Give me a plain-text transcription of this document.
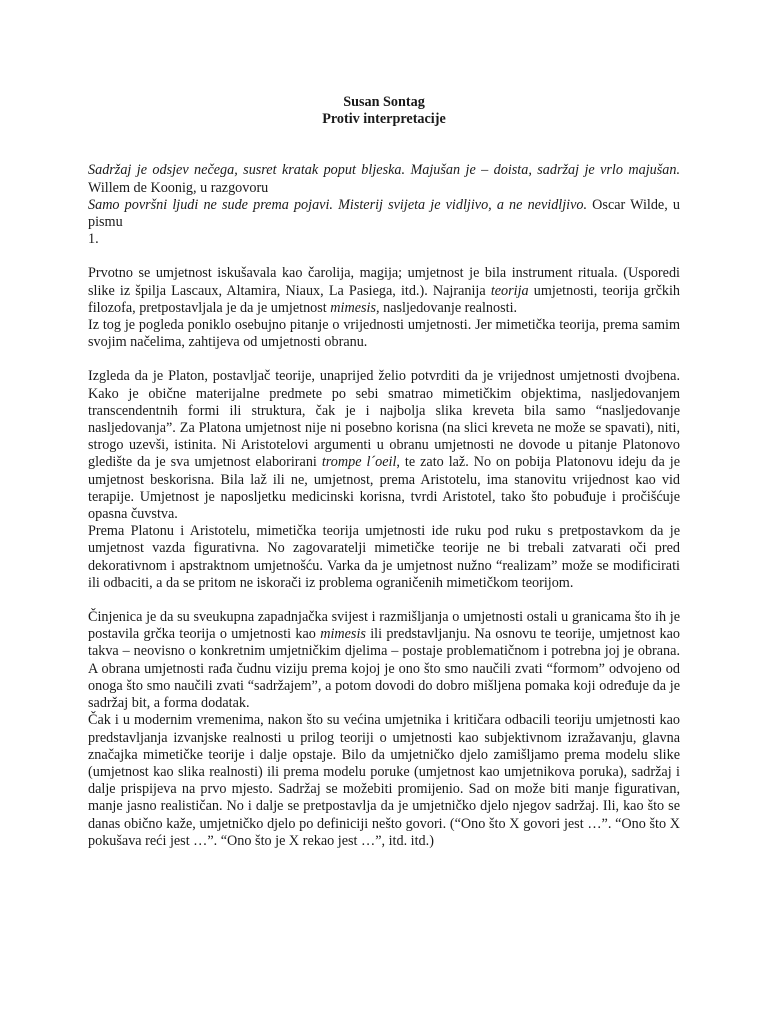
Susan Sontag
Protiv interpretacije
Sadržaj je odsjev nečega, susret kratak poput bljeska. Majušan je – doista, sadržaj je vrlo majušan. Willem de Koonig, u razgovoru
Samo površni ljudi ne sude prema pojavi. Misterij svijeta je vidljivo, a ne nevidljivo. Oscar Wilde, u pismu
1.

Prvotno se umjetnost iskušavala kao čarolija, magija; umjetnost je bila instrument rituala. (Usporedi slike iz špilja Lascaux, Altamira, Niaux, La Pasiega, itd.). Najranija teorija umjetnosti, teorija grčkih filozofa, pretpostavljala je da je umjetnost mimesis, nasljedovanje realnosti.

Iz tog je pogleda poniklo osebujno pitanje o vrijednosti umjetnosti. Jer mimetička teorija, prema samim svojim načelima, zahtijeva od umjetnosti obranu.

Izgleda da je Platon, postavljač teorije, unaprijed želio potvrditi da je vrijednost umjetnosti dvojbena. Kako je obične materijalne predmete po sebi smatrao mimetičkim objektima, nasljedovanjem transcendentnih formi ili struktura, čak je i najbolja slika kreveta bila samo “nasljedovanje nasljedovanja”. Za Platona umjetnost nije ni posebno korisna (na slici kreveta ne može se spavati), niti, strogo uzevši, istinita. Ni Aristotelovi argumenti u obranu umjetnosti ne dovode u pitanje Platonovo gledište da je sva umjetnost elaborirani trompe l´oeil, te zato laž. No on pobija Platonovu ideju da je umjetnost beskorisna. Bila laž ili ne, umjetnost, prema Aristotelu, ima stanovitu vrijednost kao vid terapije. Umjetnost je naposljetku medicinski korisna, tvrdi Aristotel, tako što pobuđuje i pročišćuje opasna čuvstva.

Prema Platonu i Aristotelu, mimetička teorija umjetnosti ide ruku pod ruku s pretpostavkom da je umjetnost vazda figurativna. No zagovaratelji mimetičke teorije ne bi trebali zatvarati oči pred dekorativnom i apstraktnom umjetnošću. Varka da je umjetnost nužno “realizam” može se modificirati ili odbaciti, a da se pritom ne iskorači iz problema ograničenih mimetičkom teorijom.

Činjenica je da su sveukupna zapadnjačka svijest i razmišljanja o umjetnosti ostali u granicama što ih je postavila grčka teorija o umjetnosti kao mimesis ili predstavljanju. Na osnovu te teorije, umjetnost kao takva – neovisno o konkretnim umjetničkim djelima – postaje problematičnom i potrebna joj je obrana. A obrana umjetnosti rađa čudnu viziju prema kojoj je ono što smo naučili zvati “formom” odvojeno od onoga što smo naučili zvati “sadržajem”, a potom dovodi do dobro mišljena pomaka koji određuje da je sadržaj bit, a forma dodatak.

Čak i u modernim vremenima, nakon što su većina umjetnika i kritičara odbacili teoriju umjetnosti kao predstavljanja izvanjske realnosti u prilog teoriji o umjetnosti kao subjektivnom izražavanju, glavna značajka mimetičke teorije i dalje opstaje. Bilo da umjetničko djelo zamišljamo prema modelu slike (umjetnost kao slika realnosti) ili prema modelu poruke (umjetnost kao umjetnikova poruka), sadržaj i dalje prispijeva na prvo mjesto. Sadržaj se možebiti promijenio. Sad on može biti manje figurativan, manje jasno realističan. No i dalje se pretpostavlja da je umjetničko djelo njegov sadržaj. Ili, kao što se danas obično kaže, umjetničko djelo po definiciji nešto govori. (“Ono što X govori jest …”. “Ono što X pokušava reći jest …”. “Ono što je X rekao jest …”, itd. itd.)
